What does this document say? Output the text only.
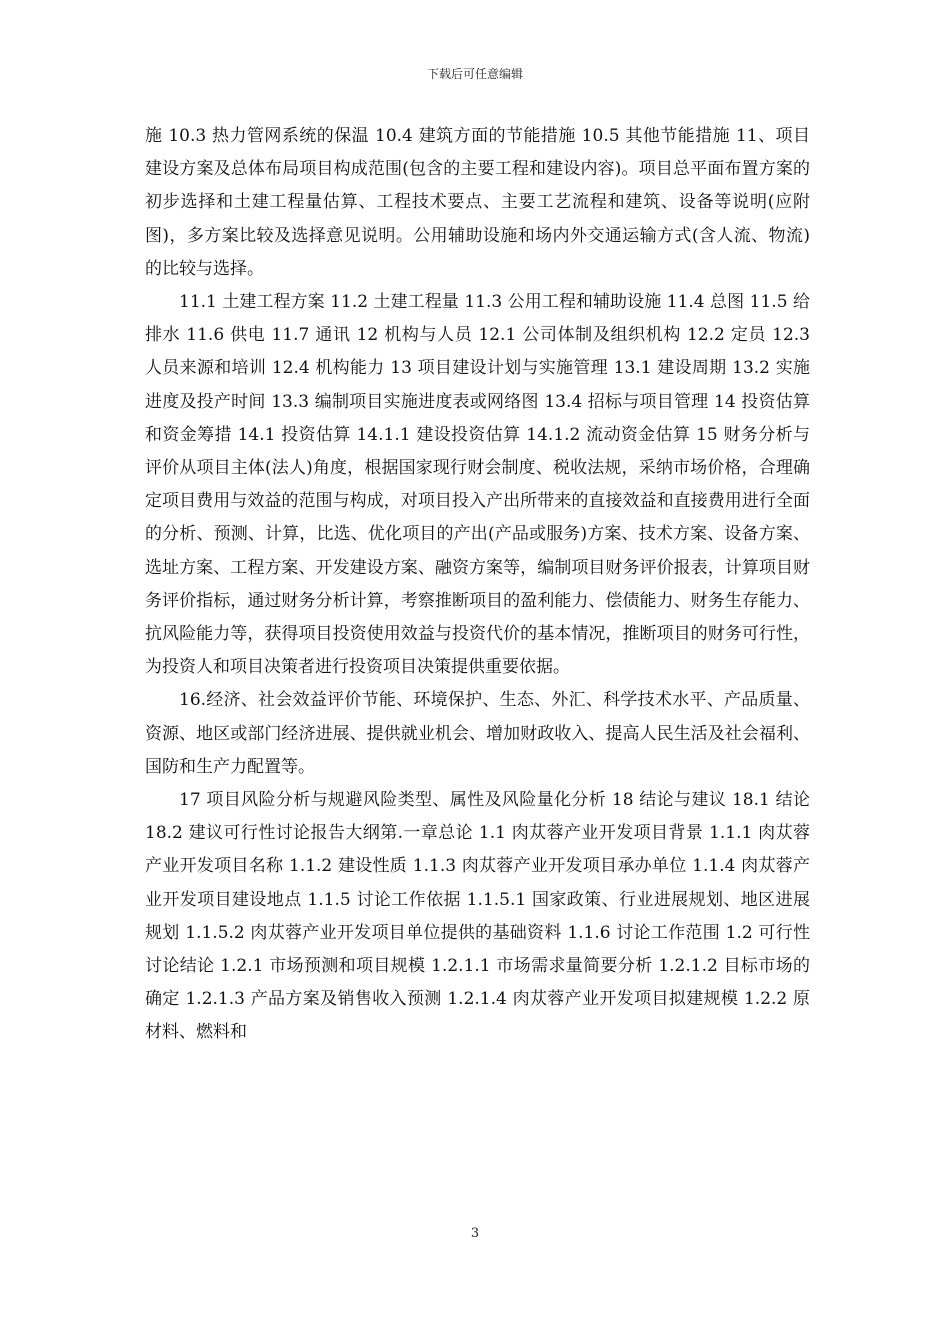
下载后可任意编辑

施 10.3 热力管网系统的保温 10.4 建筑方面的节能措施 10.5 其他节能措施 11、项目建设方案及总体布局项目构成范围(包含的主要工程和建设内容)。项目总平面布置方案的初步选择和土建工程量估算、工程技术要点、主要工艺流程和建筑、设备等说明(应附图)，多方案比较及选择意见说明。公用辅助设施和场内外交通运输方式(含人流、物流)的比较与选择。

11.1 土建工程方案 11.2 土建工程量 11.3 公用工程和辅助设施 11.4 总图 11.5 给排水 11.6 供电 11.7 通讯 12 机构与人员 12.1 公司体制及组织机构 12.2 定员 12.3 人员来源和培训 12.4 机构能力 13 项目建设计划与实施管理 13.1 建设周期 13.2 实施进度及投产时间 13.3 编制项目实施进度表或网络图 13.4 招标与项目管理 14 投资估算和资金筹措 14.1 投资估算 14.1.1 建设投资估算 14.1.2 流动资金估算 15 财务分析与评价从项目主体(法人)角度，根据国家现行财会制度、税收法规，采纳市场价格，合理确定项目费用与效益的范围与构成，对项目投入产出所带来的直接效益和直接费用进行全面的分析、预测、计算，比选、优化项目的产出(产品或服务)方案、技术方案、设备方案、选址方案、工程方案、开发建设方案、融资方案等，编制项目财务评价报表，计算项目财务评价指标，通过财务分析计算，考察推断项目的盈利能力、偿债能力、财务生存能力、抗风险能力等，获得项目投资使用效益与投资代价的基本情况，推断项目的财务可行性，为投资人和项目决策者进行投资项目决策提供重要依据。

16.经济、社会效益评价节能、环境保护、生态、外汇、科学技术水平、产品质量、资源、地区或部门经济进展、提供就业机会、增加财政收入、提高人民生活及社会福利、国防和生产力配置等。

17 项目风险分析与规避风险类型、属性及风险量化分析 18 结论与建议 18.1 结论 18.2 建议可行性讨论报告大纲第.一章总论 1.1 肉苁蓉产业开发项目背景 1.1.1 肉苁蓉产业开发项目名称 1.1.2 建设性质 1.1.3 肉苁蓉产业开发项目承办单位 1.1.4 肉苁蓉产业开发项目建设地点 1.1.5 讨论工作依据 1.1.5.1 国家政策、行业进展规划、地区进展规划 1.1.5.2 肉苁蓉产业开发项目单位提供的基础资料 1.1.6 讨论工作范围 1.2 可行性讨论结论 1.2.1 市场预测和项目规模 1.2.1.1 市场需求量简要分析 1.2.1.2 目标市场的确定 1.2.1.3 产品方案及销售收入预测 1.2.1.4 肉苁蓉产业开发项目拟建规模 1.2.2 原材料、燃料和

3
